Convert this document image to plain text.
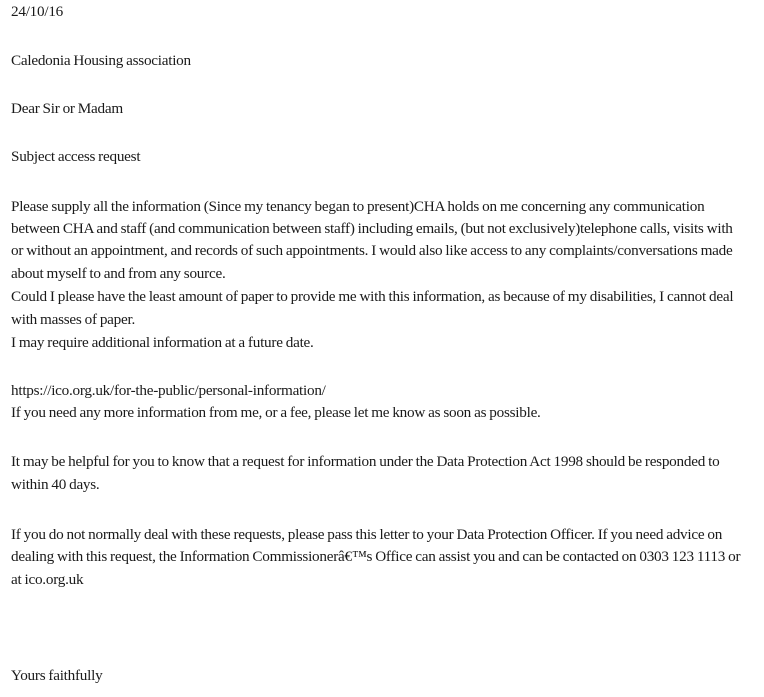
24/10/16
Caledonia Housing association
Dear Sir or Madam
Subject access request
Please supply all the information (Since my tenancy began to present)CHA holds on me concerning any communication
between CHA and staff (and communication between staff) including emails, (but not exclusively)telephone calls, visits with
or without an appointment, and records of such appointments. I would also like access to any complaints/conversations made
about myself to and from any source.
Could I please have the least amount of paper to provide me with this information, as because of my disabilities, I cannot deal
with masses of paper.
I may require additional information at a future date.
https://ico.org.uk/for-the-public/personal-information/
If you need any more information from me, or a fee, please let me know as soon as possible.
It may be helpful for you to know that a request for information under the Data Protection Act 1998 should be responded to
within 40 days.
If you do not normally deal with these requests, please pass this letter to your Data Protection Officer. If you need advice on
dealing with this request, the Information Commissionerâ€™s Office can assist you and can be contacted on 0303 123 1113 or
at ico.org.uk
Yours faithfully
